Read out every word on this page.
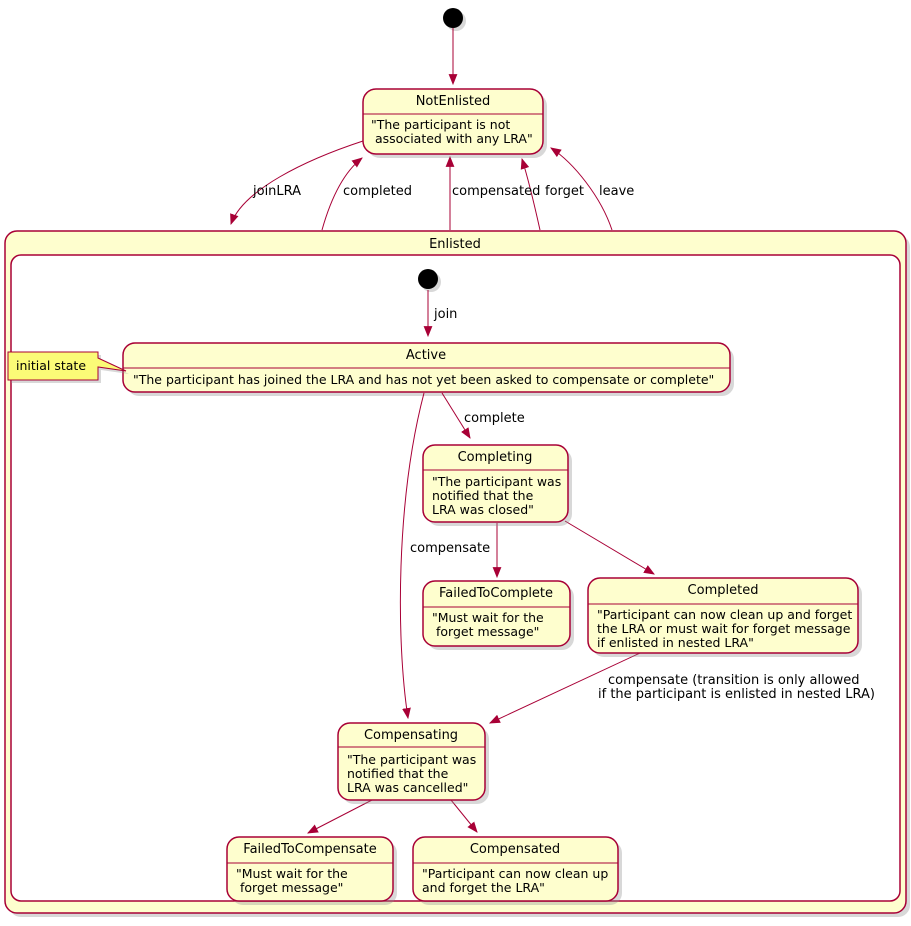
Enlisted
joinLRA	completed	compensated forget leave
NotEnlisted
"The participant is not
associated with any LRA"
join
Active
"The participant has joined the LRA and has not yet been asked to compensate or complete"
initial state
complete
compensate
compensate (transition is only allowed
if the participant is enlisted in nested LRA)
Completing
"The participant was
notified that the
LRA was closed"
FailedToComplete
"Must wait for the
forget message"
Completed
"Participant can now clean up and forget
the LRA or must wait for forget message
if enlisted in nested LRA"
Compensating
"The participant was
notified that the
LRA was cancelled"
FailedToCompensate
"Must wait for the
forget message"
Compensated
"Participant can now clean up
and forget the LRA"
